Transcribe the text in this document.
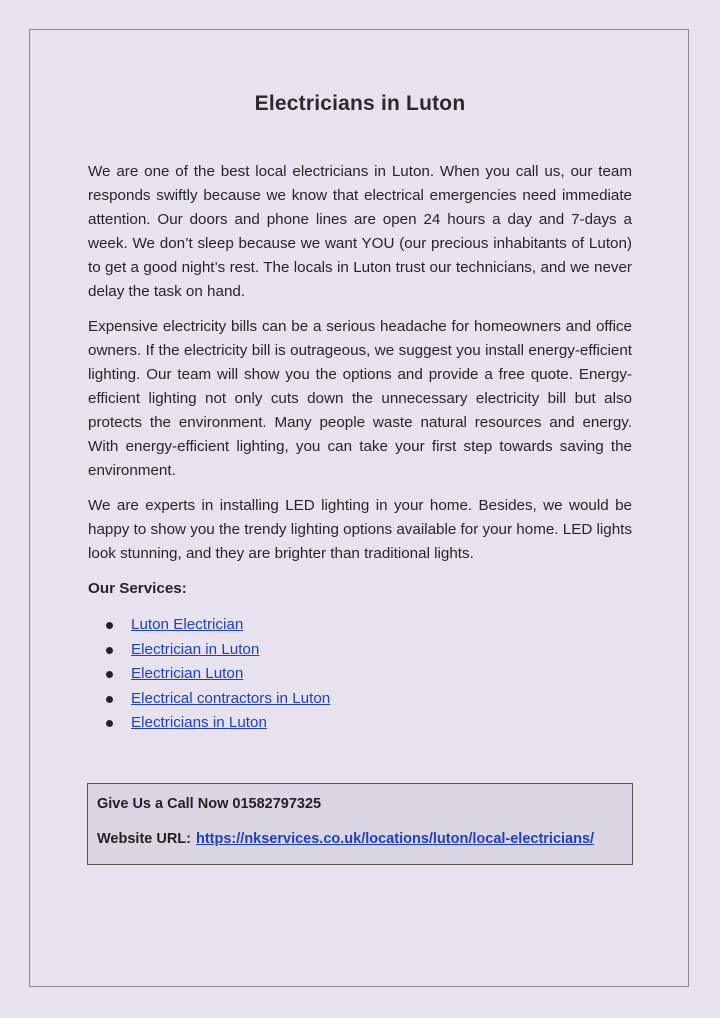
Electricians in Luton

We are one of the best local electricians in Luton. When you call us, our team responds swiftly because we know that electrical emergencies need immediate attention. Our doors and phone lines are open 24 hours a day and 7-days a week. We don’t sleep because we want YOU (our precious inhabitants of Luton) to get a good night’s rest. The locals in Luton trust our technicians, and we never delay the task on hand.

Expensive electricity bills can be a serious headache for homeowners and office owners. If the electricity bill is outrageous, we suggest you install energy-efficient lighting. Our team will show you the options and provide a free quote. Energy-efficient lighting not only cuts down the unnecessary electricity bill but also protects the environment. Many people waste natural resources and energy. With energy-efficient lighting, you can take your first step towards saving the environment.

We are experts in installing LED lighting in your home. Besides, we would be happy to show you the trendy lighting options available for your home. LED lights look stunning, and they are brighter than traditional lights.

Our Services:

Luton Electrician
Electrician in Luton
Electrician Luton
Electrical contractors in Luton
Electricians in Luton
Give Us a Call Now 01582797325
Website URL: https://nkservices.co.uk/locations/luton/local-electricians/
